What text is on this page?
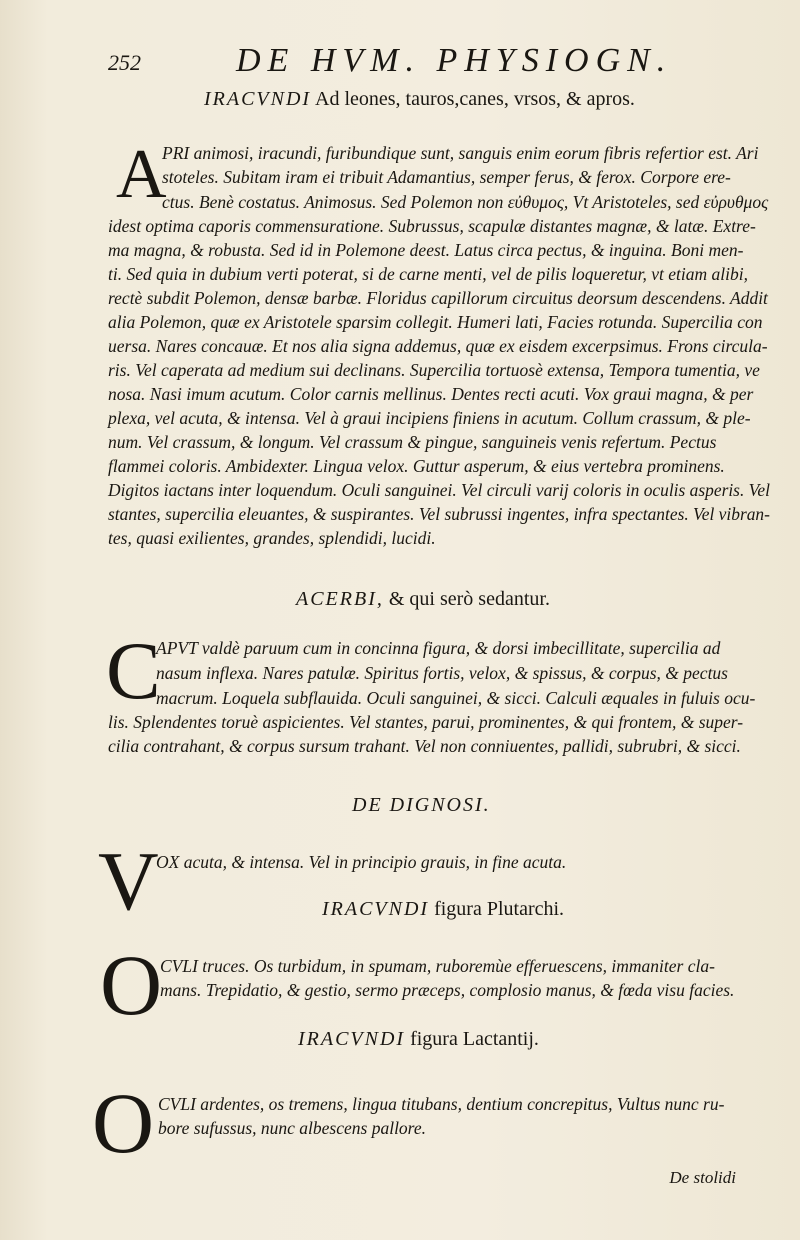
252	DE HVM. PHYSIOGN.
IRACVNDI Ad leones, tauros,canes, vrsos, & apros.
A
PRI animosi, iracundi, furibundique sunt, sanguis enim eorum fibris refertior est. Ari
stoteles. Subitam iram ei tribuit Adamantius, semper ferus, & ferox. Corpore ere-
ctus. Benè costatus. Animosus. Sed Polemon non εὐθυμος, Vt Aristoteles, sed εὐρυθμος
idest optima caporis commensuratione. Subrussus, scapulæ distantes magnæ, & latæ. Extre-
ma magna, & robusta. Sed id in Polemone deest. Latus circa pectus, & inguina. Boni men-
ti. Sed quia in dubium verti poterat, si de carne menti, vel de pilis loqueretur, vt etiam alibi,
rectè subdit Polemon, densæ barbæ. Floridus capillorum circuitus deorsum descendens. Addit
alia Polemon, quæ ex Aristotele sparsim collegit. Humeri lati, Facies rotunda. Supercilia con
uersa. Nares concauæ. Et nos alia signa addemus, quæ ex eisdem excerpsimus. Frons circula-
ris. Vel caperata ad medium sui declinans. Supercilia tortuosè extensa, Tempora tumentia, ve
nosa. Nasi imum acutum. Color carnis mellinus. Dentes recti acuti. Vox graui magna, & per
plexa, vel acuta, & intensa. Vel à graui incipiens finiens in acutum. Collum crassum, & ple-
num. Vel crassum, & longum. Vel crassum & pingue, sanguineis venis refertum. Pectus
flammei coloris. Ambidexter. Lingua velox. Guttur asperum, & eius vertebra prominens.
Digitos iactans inter loquendum. Oculi sanguinei. Vel circuli varij coloris in oculis asperis. Vel
stantes, supercilia eleuantes, & suspirantes. Vel subrussi ingentes, infra spectantes. Vel vibran-
tes, quasi exilientes, grandes, splendidi, lucidi.
ACERBI, & qui serò sedantur.
C
APVT valdè paruum cum in concinna figura, & dorsi imbecillitate, supercilia ad
nasum inflexa. Nares patulæ. Spiritus fortis, velox, & spissus, & corpus, & pectus
macrum. Loquela subflauida. Oculi sanguinei, & sicci. Calculi æquales in fuluis ocu-
lis. Splendentes toruè aspicientes. Vel stantes, parui, prominentes, & qui frontem, & super-
cilia contrahant, & corpus sursum trahant. Vel non conniuentes, pallidi, subrubri, & sicci.
DE DIGNOSI.
V
OX acuta, & intensa. Vel in principio grauis, in fine acuta.
IRACVNDI figura Plutarchi.
O
CVLI truces. Os turbidum, in spumam, ruboremùe efferuescens, immaniter cla-
mans. Trepidatio, & gestio, sermo præceps, complosio manus, & fœda visu facies.
IRACVNDI figura Lactantij.
O CVLI ardentes, os tremens, lingua titubans, dentium concrepitus, Vultus nunc ru-
bore sufussus, nunc albescens pallore.
De stolidi
